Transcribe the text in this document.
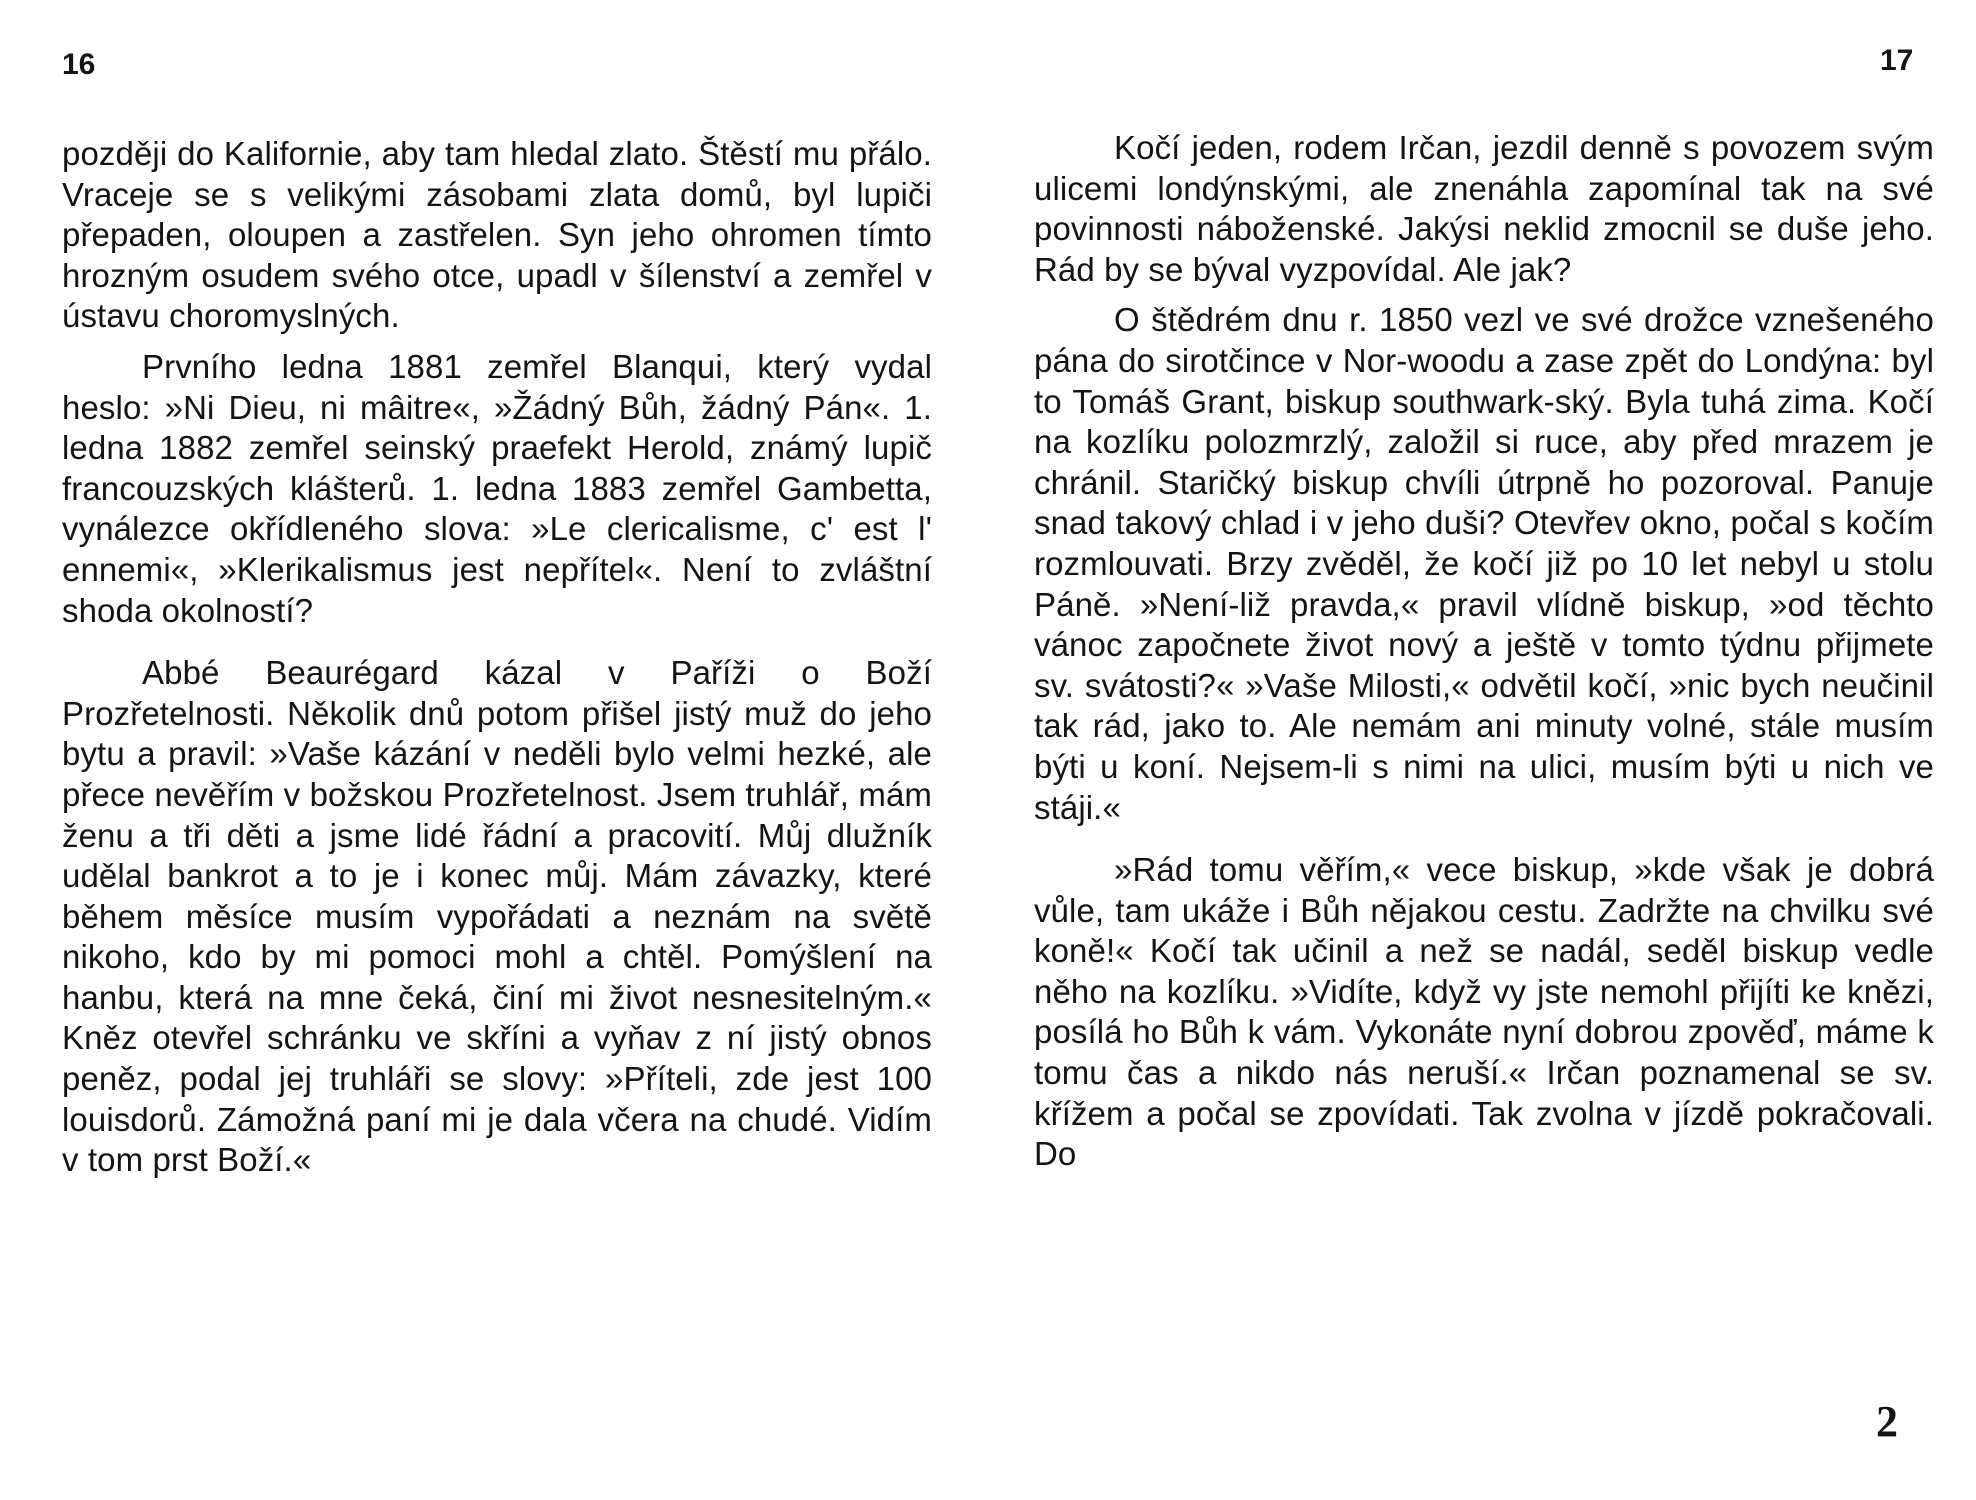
16	17

později do Kalifornie, aby tam hledal zlato. Štěstí mu přálo. Vraceje se s velikými zásobami zlata domů, byl lupiči přepaden, oloupen a zastřelen. Syn jeho ohromen tímto hrozným osudem svého otce, upadl v šílenství a zemřel v ústavu choromyslných.

Prvního ledna 1881 zemřel Blanqui, který vydal heslo: »Ni Dieu, ni mâitre«, »Žádný Bůh, žádný Pán«. 1. ledna 1882 zemřel seinský praefekt Herold, známý lupič francouzských klášterů. 1. ledna 1883 zemřel Gambetta, vynálezce okřídleného slova: »Le clericalisme, c' est l' ennemi«, »Klerikalismus jest nepřítel«. Není to zvláštní shoda okolností?

Abbé Beaurégard kázal v Paříži o Boží Prozřetelnosti. Několik dnů potom přišel jistý muž do jeho bytu a pravil: »Vaše kázání v neděli bylo velmi hezké, ale přece nevěřím v božskou Prozřetelnost. Jsem truhlář, mám ženu a tři děti a jsme lidé řádní a pracovití. Můj dlužník udělal bankrot a to je i konec můj. Mám závazky, které během měsíce musím vypořádati a neznám na světě nikoho, kdo by mi pomoci mohl a chtěl. Pomýšlení na hanbu, která na mne čeká, činí mi život nesnesitelným.« Kněz otevřel schránku ve skříni a vyňav z ní jistý obnos peněz, podal jej truhláři se slovy: »Příteli, zde jest 100 louisdorů. Zámožná paní mi je dala včera na chudé. Vidím v tom prst Boží.«

Kočí jeden, rodem Irčan, jezdil denně s povozem svým ulicemi londýnskými, ale znenáhla zapomínal tak na své povinnosti náboženské. Jakýsi neklid zmocnil se duše jeho. Rád by se býval vyzpovídal. Ale jak?

O štědrém dnu r. 1850 vezl ve své drožce vznešeného pána do sirotčince v Nor-woodu a zase zpět do Londýna: byl to Tomáš Grant, biskup southwark-ský. Byla tuhá zima. Kočí na kozlíku polozmrzlý, založil si ruce, aby před mrazem je chránil. Staričký biskup chvíli útrpně ho pozoroval. Panuje snad takový chlad i v jeho duši? Otevřev okno, počal s kočím rozmlouvati. Brzy zvěděl, že kočí již po 10 let nebyl u stolu Páně. »Není-liž pravda,« pravil vlídně biskup, »od těchto vánoc započnete život nový a ještě v tomto týdnu přijmete sv. svátosti?« »Vaše Milosti,« odvětil kočí, »nic bych neučinil tak rád, jako to. Ale nemám ani minuty volné, stále musím býti u koní. Nejsem-li s nimi na ulici, musím býti u nich ve stáji.«

»Rád tomu věřím,« vece biskup, »kde však je dobrá vůle, tam ukáže i Bůh nějakou cestu. Zadržte na chvilku své koně!« Kočí tak učinil a než se nadál, seděl biskup vedle něho na kozlíku. »Vidíte, když vy jste nemohl přijíti ke knězi, posílá ho Bůh k vám. Vykonáte nyní dobrou zpověď, máme k tomu čas a nikdo nás neruší.« Irčan poznamenal se sv. křížem a počal se zpovídati. Tak zvolna v jízdě pokračovali. Do

2
